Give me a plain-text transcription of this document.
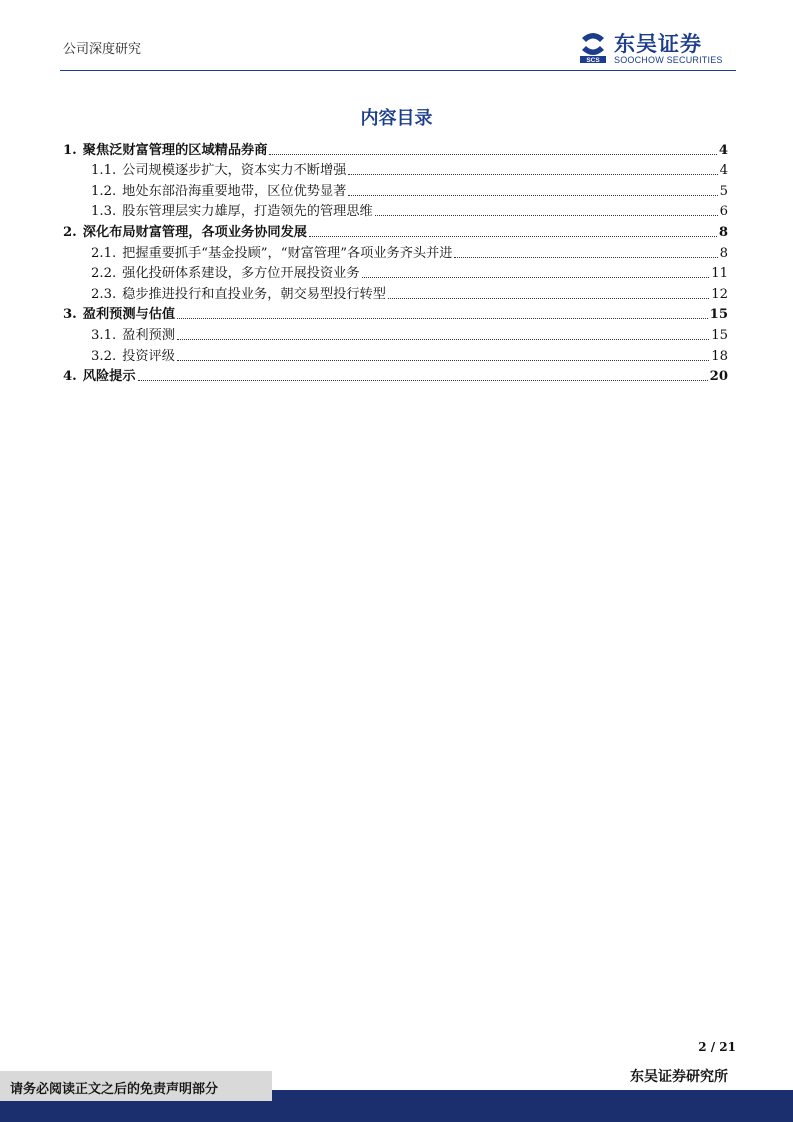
公司深度研究
SCS
东吴证券
SOOCHOW SECURITIES
内容目录
1. 聚焦泛财富管理的区域精品券商	4
1.1. 公司规模逐步扩大，资本实力不断增强	4
1.2. 地处东部沿海重要地带，区位优势显著	5
1.3. 股东管理层实力雄厚，打造领先的管理思维	6
2. 深化布局财富管理，各项业务协同发展	8
2.1. 把握重要抓手“基金投顾”，“财富管理”各项业务齐头并进	8
2.2. 强化投研体系建设，多方位开展投资业务	11
2.3. 稳步推进投行和直投业务，朝交易型投行转型	12
3. 盈利预测与估值	15
3.1. 盈利预测	15
3.2. 投资评级	18
4. 风险提示	20
2 / 21
东吴证券研究所
请务必阅读正文之后的免责声明部分
